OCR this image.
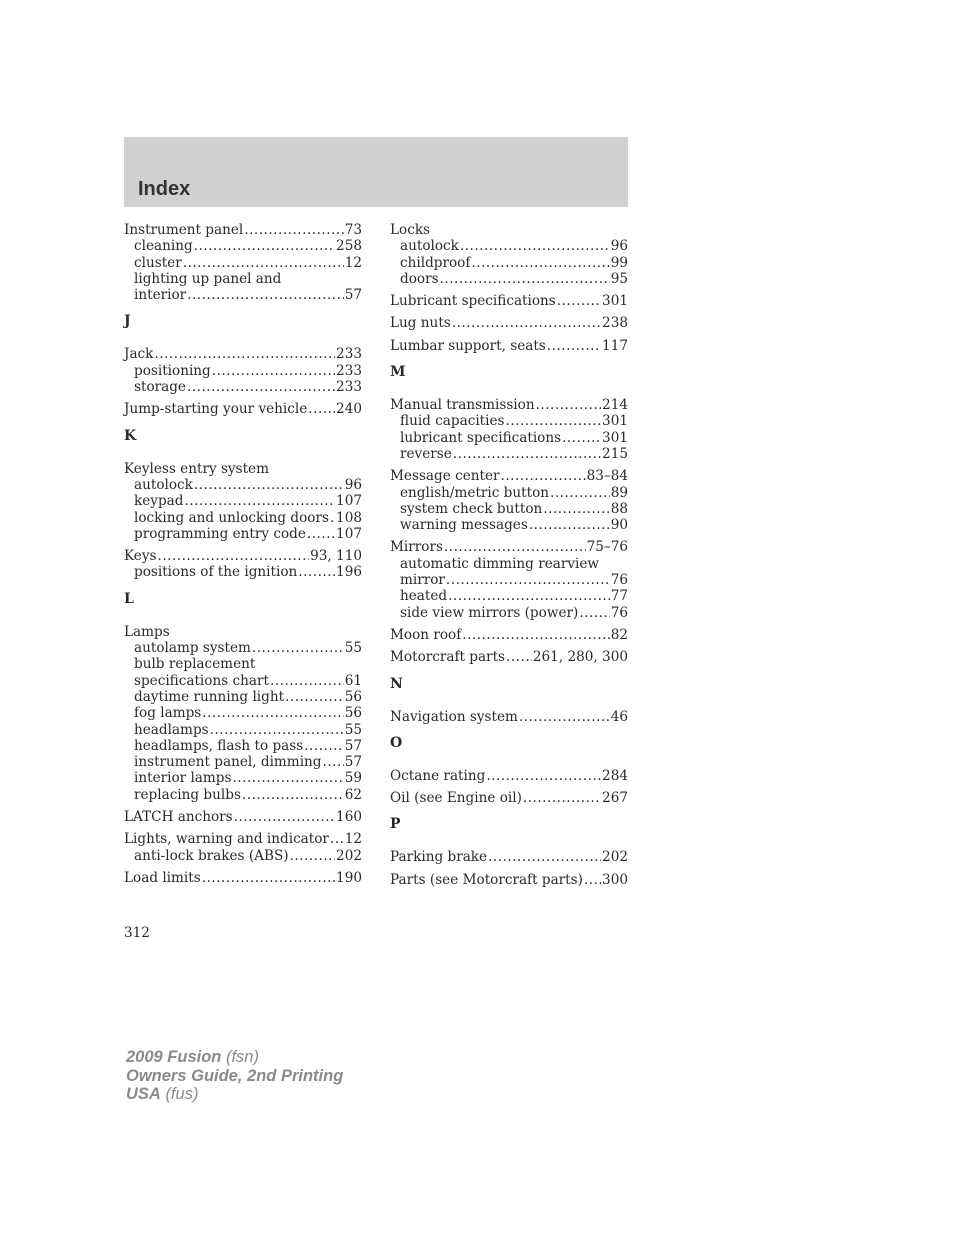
Index
Instrument panel .....	73
cleaning .....	258
cluster .....	12
lighting up panel and
interior .....	57
J
Jack .....	233
positioning .....	233
storage .....	233
Jump-starting your vehicle ..... 240
K
Keyless entry system
autolock .....	96
keypad .....	107
locking and unlocking doors ..... 108
programming entry code ..... 107
Keys .....	93, 110
positions of the ignition .....	196
L
Lamps
autolamp system .....	55
bulb replacement
specifications chart .....	61
daytime running light .....	56
fog lamps .....	56
headlamps .....	55
headlamps, flash to pass .....	57
instrument panel, dimming ..... 57
interior lamps .....	59
replacing bulbs .....	62
LATCH anchors .....	160
Lights, warning and indicator ..... 12
anti-lock brakes (ABS) .....	202
Load limits .....	190
Locks
autolock .....	96
childproof .....	99
doors .....	95
Lubricant specifications .....	301
Lug nuts .....	238
Lumbar support, seats .....	117
M
Manual transmission .....	214
fluid capacities .....	301
lubricant specifications .....	301
reverse .....	215
Message center .....	83–84
english/metric button .....	89
system check button .....	88
warning messages .....	90
Mirrors .....	75–76
automatic dimming rearview
mirror .....	76
heated .....	77
side view mirrors (power) ..... 76
Moon roof .....	82
Motorcraft parts ..... 261, 280, 300
N
Navigation system .....	46
O
Octane rating .....	284
Oil (see Engine oil) .....	267
P
Parking brake .....	202
Parts (see Motorcraft parts) ..... 300
312
2009 Fusion (fsn)
Owners Guide, 2nd Printing
USA (fus)
